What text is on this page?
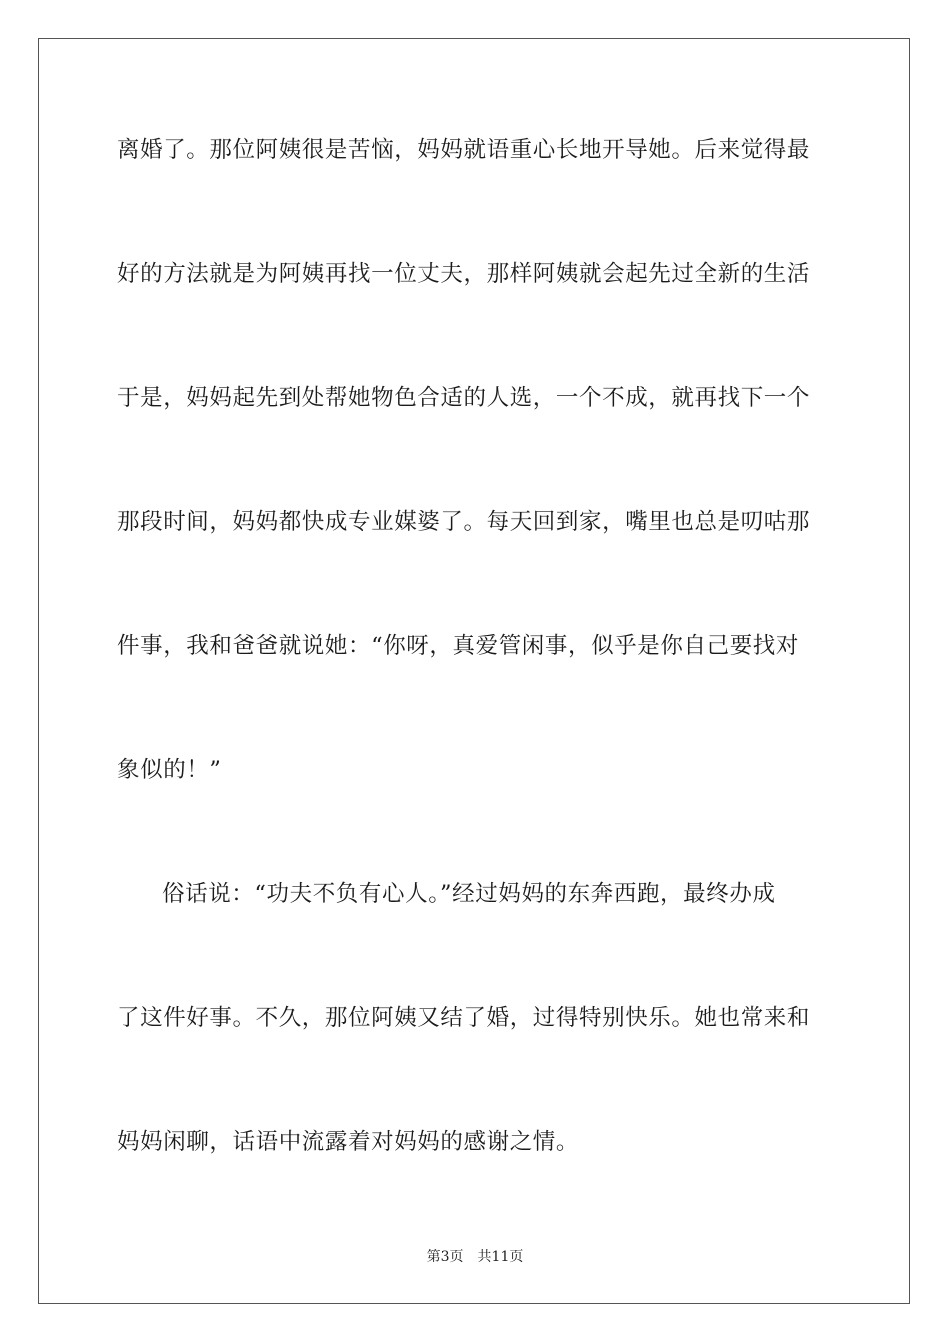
离婚了。那位阿姨很是苦恼，妈妈就语重心长地开导她。后来觉得最
好的方法就是为阿姨再找一位丈夫，那样阿姨就会起先过全新的生活
于是，妈妈起先到处帮她物色合适的人选，一个不成，就再找下一个
那段时间，妈妈都快成专业媒婆了。每天回到家，嘴里也总是叨咕那
件事，我和爸爸就说她：“你呀，真爱管闲事，似乎是你自己要找对
象似的！”
俗话说：“功夫不负有心人。”经过妈妈的东奔西跑，最终办成
了这件好事。不久，那位阿姨又结了婚，过得特别快乐。她也常来和
妈妈闲聊，话语中流露着对妈妈的感谢之情。
第3页 共11页
